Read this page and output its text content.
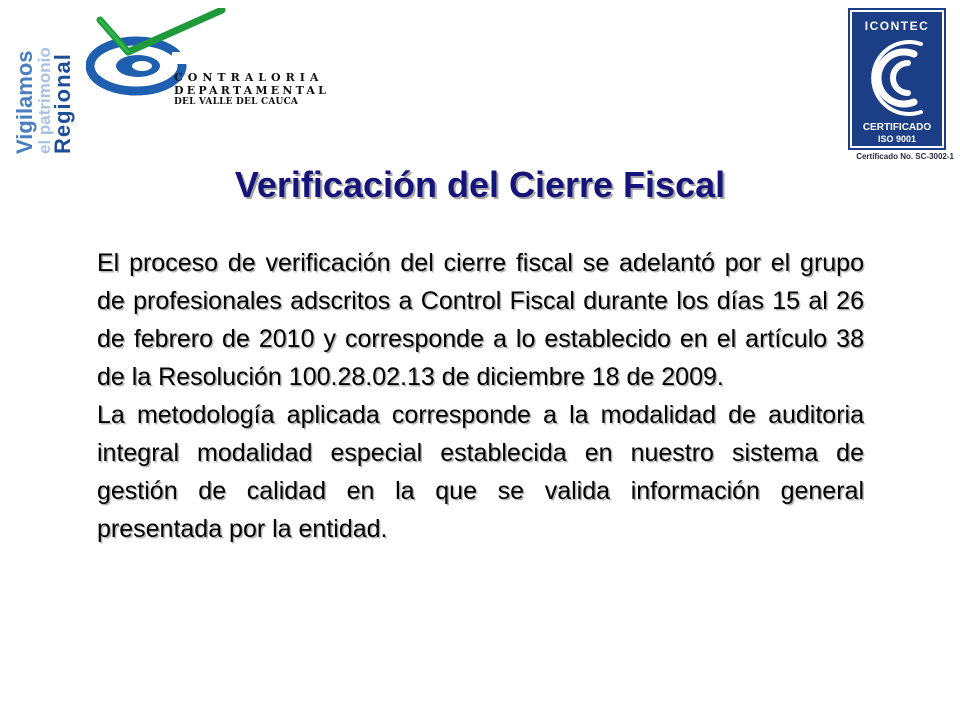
Vigilamos
el patrimonio
Regional	CONTRALORIA
DEPARTAMENTAL
DEL VALLE DEL CAUCA
ICONTEC
CERTIFICADO
ISO 9001
Certificado No. SC-3002-1
Verificación del Cierre Fiscal

El proceso de verificación del cierre fiscal se adelantó por el grupo de profesionales adscritos a Control Fiscal durante los días 15 al 26 de febrero de 2010 y corresponde a lo establecido en el artículo 38 de la Resolución 100.28.02.13 de diciembre 18 de 2009.

La metodología aplicada corresponde a la modalidad de auditoria integral modalidad especial establecida en nuestro sistema de gestión de calidad en la que se valida información general presentada por la entidad.
